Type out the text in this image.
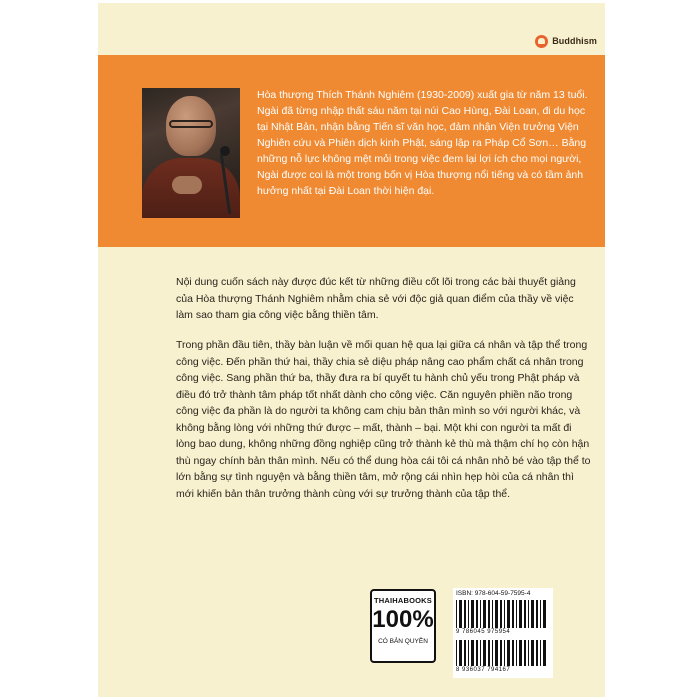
Buddhism
Hòa thượng Thích Thánh Nghiêm (1930-2009) xuất gia từ năm 13 tuổi. Ngài đã từng nhập thất sáu năm tại núi Cao Hùng, Đài Loan, đi du học tại Nhật Bản, nhận bằng Tiến sĩ văn học, đảm nhận Viện trưởng Viện Nghiên cứu và Phiên dịch kinh Phật, sáng lập ra Pháp Cổ Sơn… Bằng những nỗ lực không mệt mỏi trong việc đem lại lợi ích cho mọi người, Ngài được coi là một trong bốn vị Hòa thượng nổi tiếng và có tầm ảnh hưởng nhất tại Đài Loan thời hiện đại.

Nội dung cuốn sách này được đúc kết từ những điều cốt lõi trong các bài thuyết giảng của Hòa thượng Thánh Nghiêm nhằm chia sẻ với độc giả quan điểm của thầy về việc làm sao tham gia công việc bằng thiền tâm.

Trong phần đầu tiên, thầy bàn luận về mối quan hệ qua lại giữa cá nhân và tập thể trong công việc. Đến phần thứ hai, thầy chia sẻ diệu pháp nâng cao phẩm chất cá nhân trong công việc. Sang phần thứ ba, thầy đưa ra bí quyết tu hành chủ yếu trong Phật pháp và điều đó trở thành tâm pháp tốt nhất dành cho công việc. Căn nguyên phiền não trong công việc đa phần là do người ta không cam chịu bản thân mình so với người khác, và không bằng lòng với những thứ được – mất, thành – bại. Một khi con người ta mất đi lòng bao dung, không những đồng nghiệp cũng trở thành kẻ thù mà thậm chí họ còn hận thù ngay chính bản thân mình. Nếu có thể dung hòa cái tôi cá nhân nhỏ bé vào tập thể to lớn bằng sự tình nguyện và bằng thiền tâm, mở rộng cái nhìn hẹp hòi của cá nhân thì mới khiến bản thân trưởng thành cùng với sự trưởng thành của tập thể.

THAIHABOOKS
100%
CÓ BẢN QUYỀN
ISBN: 978-604-59-7595-4
9 786045 975954
8 936037 794167
